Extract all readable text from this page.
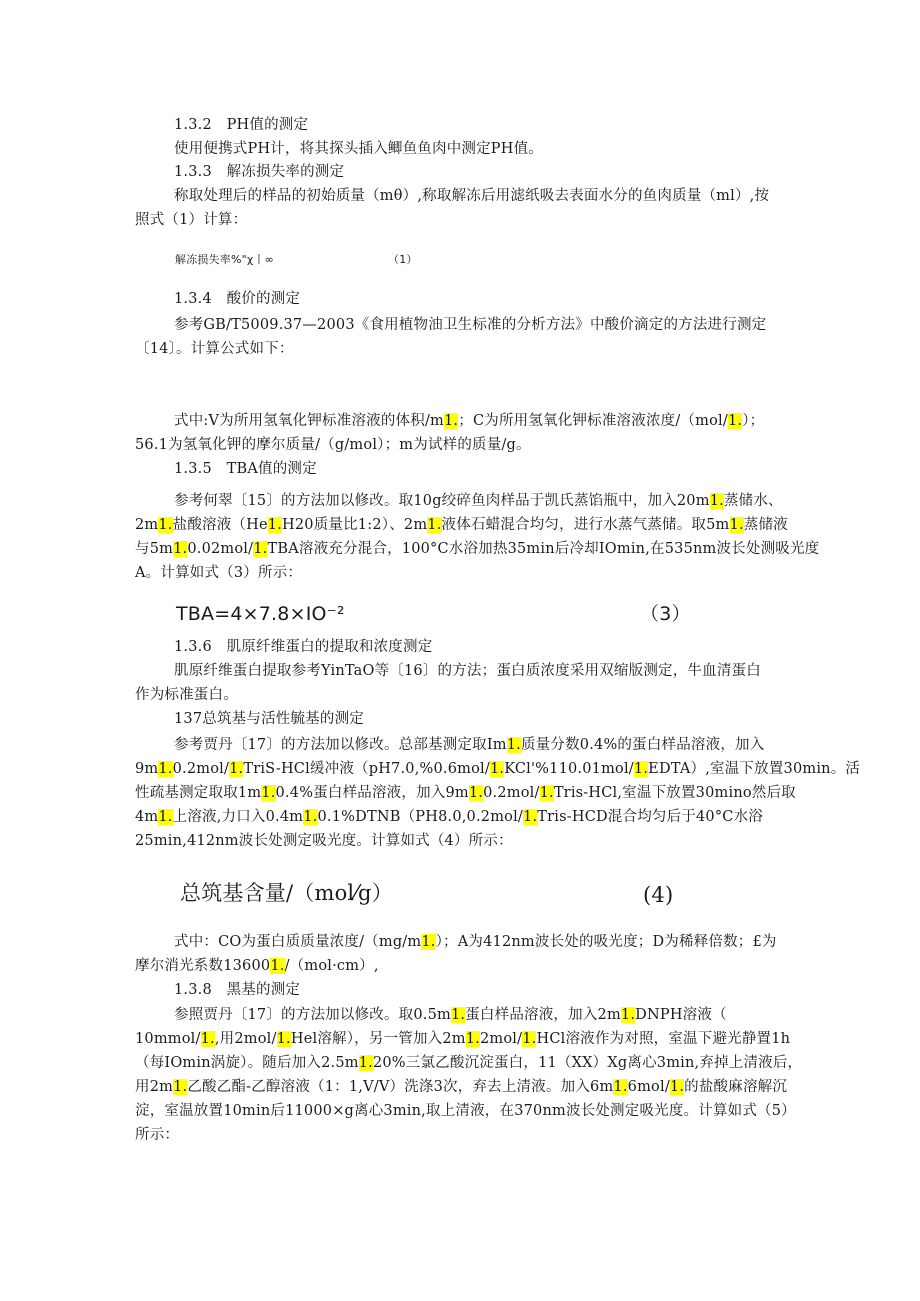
1.3.2　PH值的测定
使用便携式PH计，将其探头插入鲫鱼鱼肉中测定PH值。
1.3.3　解冻损失率的测定
称取处理后的样品的初始质量（mθ）,称取解冻后用滤纸吸去表面水分的鱼肉质量（ml）,按
照式（1）计算：
1.3.4　酸价的测定
参考GB/T5009.37—2003《食用植物油卫生标准的分析方法》中酸价滴定的方法进行测定
〔14〕。计算公式如下：
式中:V为所用氢氧化钾标准溶液的体积/m1.；C为所用氢氧化钾标准溶液浓度/（mol/1.）；
56.1为氢氧化钾的摩尔质量/（g/mol）；m为试样的质量/g。
1.3.5　TBA值的测定
参考何翠〔15〕的方法加以修改。取10g绞碎鱼肉样品于凯氏蒸馅瓶中，加入20m1.蒸储水、
2m1.盐酸溶液（He1.H20质量比1:2）、2m1.液体石蜡混合均匀，进行水蒸气蒸储。取5m1.蒸储液
与5m1.0.02mol/1.TBA溶液充分混合，100°C水浴加热35min后冷却IOmin,在535nm波长处测吸光度
A。计算如式（3）所示：
1.3.6　肌原纤维蛋白的提取和浓度测定
肌原纤维蛋白提取参考YinTaO等〔16〕的方法；蛋白质浓度采用双缩版测定，牛血清蛋白
作为标准蛋白。
137总筑基与活性毓基的测定
参考贾丹〔17〕的方法加以修改。总部基测定取Im1.质量分数0.4%的蛋白样品溶液，加入
9m1.0.2mol/1.TriS-HCl缓冲液（pH7.0,%0.6mol/1.KCl'%110.01mol/1.EDTA）,室温下放置30min。活
性疏基测定取取1m1.0.4%蛋白样品溶液，加入9m1.0.2mol/1.Tris-HCl,室温下放置30mino然后取
4m1.上溶液,力口入0.4m1.0.1%DTNB（PH8.0,0.2mol/1.Tris-HCD混合均匀后于40°C水浴
25min,412nm波长处测定吸光度。计算如式（4）所示：
式中：CO为蛋白质质量浓度/（mg/m1.）；A为412nm波长处的吸光度；D为稀释倍数；£为
摩尔消光系数136001./（mol·cm）,
1.3.8　黑基的测定
参照贾丹〔17〕的方法加以修改。取0.5m1.蛋白样品溶液，加入2m1.DNPH溶液（
10mmol/1.,用2mol/1.Hel溶解），另一管加入2m1.2mol/1.HCl溶液作为对照，室温下避光静置1h
（每IOmin涡旋）。随后加入2.5m1.20%三氯乙酸沉淀蛋白，11（XX）Xg离心3min,弃掉上清液后，
用2m1.乙酸乙酯-乙醇溶液（1：1,V/V）洗涤3次，弃去上清液。加入6m1.6mol/1.的盐酸麻溶解沉
淀，室温放置10min后11000×g离心3min,取上清液，在370nm波长处测定吸光度。计算如式（5）
所示：
解冻损失率%"χ丨∞	（1）
TBA=4×7.8×IO⁻²	（3）
总筑基含量/（mol⁄g）	(4)
